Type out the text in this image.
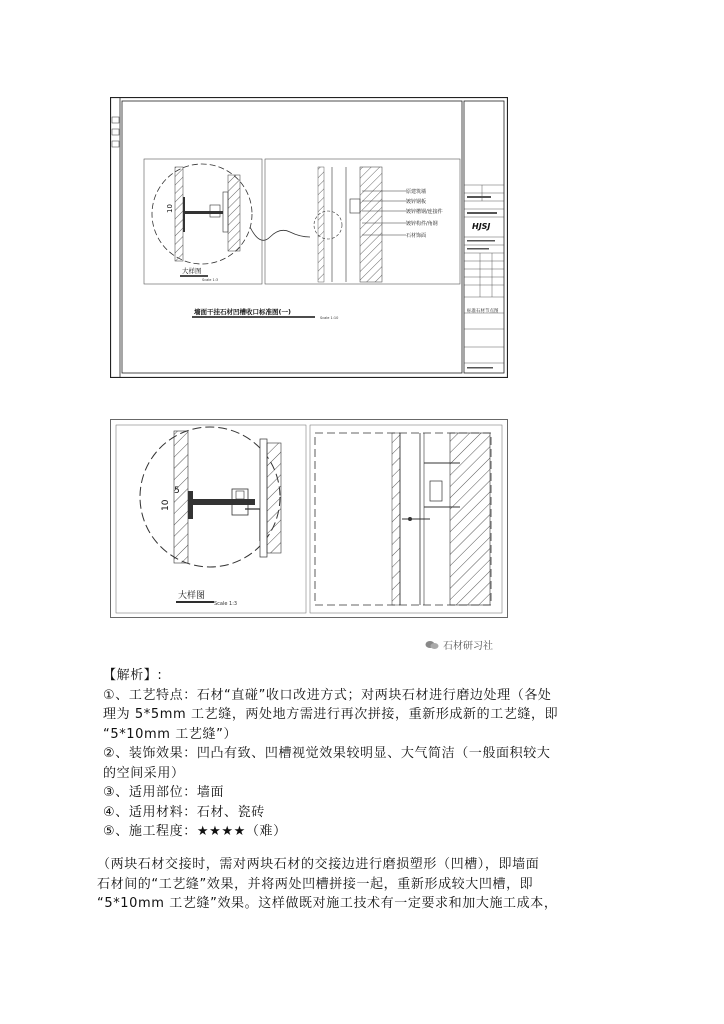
HJSJ
标准石材节点图
10
大样图
Scale 1:3
原建筑墙
镀锌钢板
镀锌槽钢/连接件
镀锌构件/角钢
石材饰面
墙面干挂石材凹槽收口标准图(一)
Scale 1:10
5
10
大样图
Scale 1:3
石材研习社
【解析】:
①、工艺特点：石材“直碰”收口改进方式；对两块石材进行磨边处理（各处
理为 5*5mm 工艺缝，两处地方需进行再次拼接，重新形成新的工艺缝，即
“5*10mm 工艺缝”）
②、装饰效果：凹凸有致、凹槽视觉效果较明显、大气简洁（一般面积较大
的空间采用）
③、适用部位：墙面
④、适用材料：石材、瓷砖
⑤、施工程度：★★★★（难）
（两块石材交接时，需对两块石材的交接边进行磨损塑形（凹槽），即墙面
石材间的“工艺缝”效果，并将两处凹槽拼接一起，重新形成较大凹槽，即
“5*10mm 工艺缝”效果。这样做既对施工技术有一定要求和加大施工成本，
